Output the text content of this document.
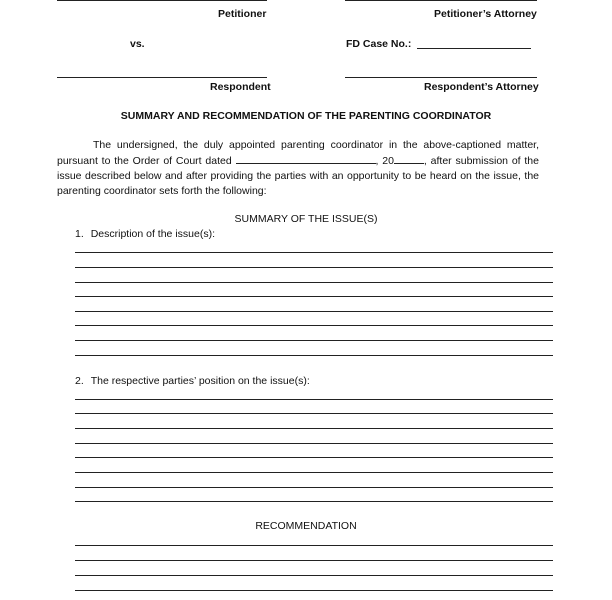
Petitioner	Petitioner’s Attorney
vs.	FD Case No.:
Respondent	Respondent’s Attorney
SUMMARY AND RECOMMENDATION OF THE PARENTING COORDINATOR
The undersigned, the duly appointed parenting coordinator in the above-captioned matter, pursuant to the Order of Court dated	, 20	, after submission of the issue described below and after providing the parties with an opportunity to be heard on the issue, the parenting coordinator sets forth the following:
SUMMARY OF THE ISSUE(S)
1. Description of the issue(s):
2. The respective parties’ position on the issue(s):
RECOMMENDATION
